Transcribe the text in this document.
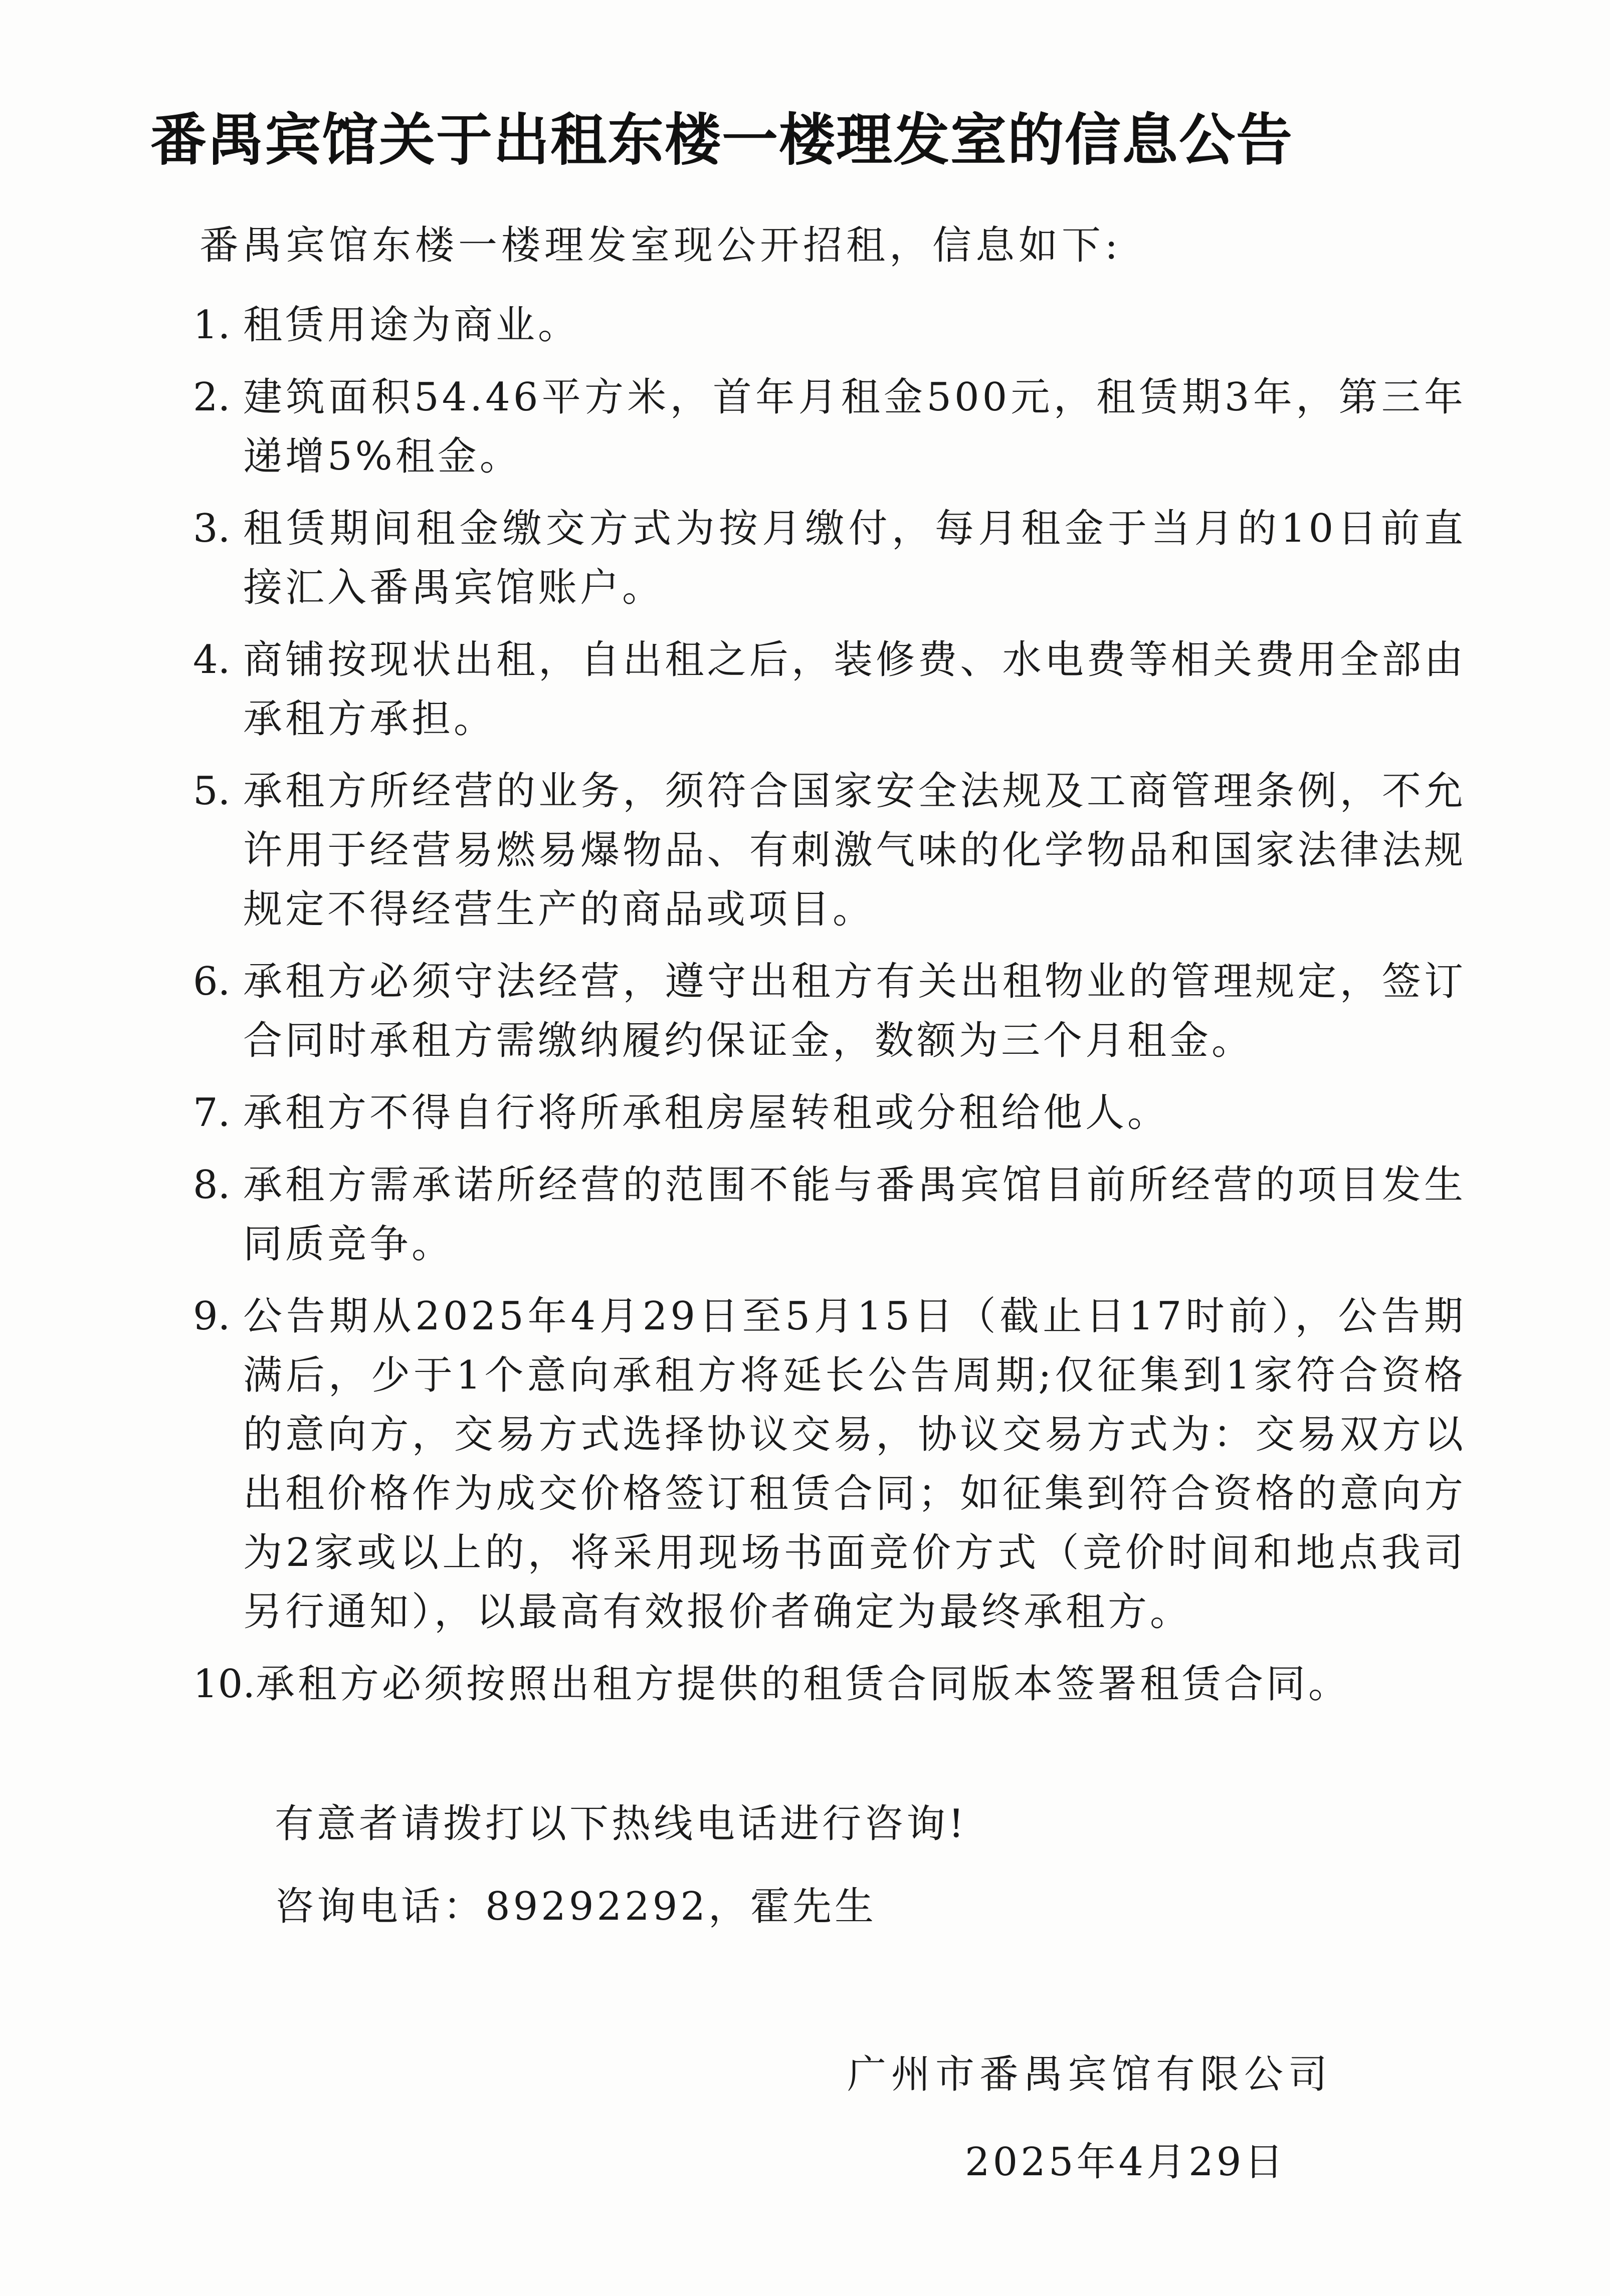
番禺宾馆关于出租东楼一楼理发室的信息公告
番禺宾馆东楼一楼理发室现公开招租，信息如下:
1. 租赁用途为商业。
2. 建筑面积54.46平方米，首年月租金500元，租赁期3年，第三年递增5%租金。
3. 租赁期间租金缴交方式为按月缴付，每月租金于当月的10日前直接汇入番禺宾馆账户。
4. 商铺按现状出租，自出租之后，装修费、水电费等相关费用全部由承租方承担。
5. 承租方所经营的业务，须符合国家安全法规及工商管理条例，不允许用于经营易燃易爆物品、有刺激气味的化学物品和国家法律法规规定不得经营生产的商品或项目。
6. 承租方必须守法经营，遵守出租方有关出租物业的管理规定，签订合同时承租方需缴纳履约保证金，数额为三个月租金。
7. 承租方不得自行将所承租房屋转租或分租给他人。
8. 承租方需承诺所经营的范围不能与番禺宾馆目前所经营的项目发生同质竞争。
9. 公告期从2025年4月29日至5月15日（截止日17时前），公告期满后，少于1个意向承租方将延长公告周期;仅征集到1家符合资格的意向方，交易方式选择协议交易，协议交易方式为：交易双方以出租价格作为成交价格签订租赁合同；如征集到符合资格的意向方为2家或以上的，将采用现场书面竞价方式（竞价时间和地点我司另行通知），以最高有效报价者确定为最终承租方。
10. 承租方必须按照出租方提供的租赁合同版本签署租赁合同。
有意者请拨打以下热线电话进行咨询!
咨询电话：89292292，霍先生
广州市番禺宾馆有限公司
2025年4月29日
